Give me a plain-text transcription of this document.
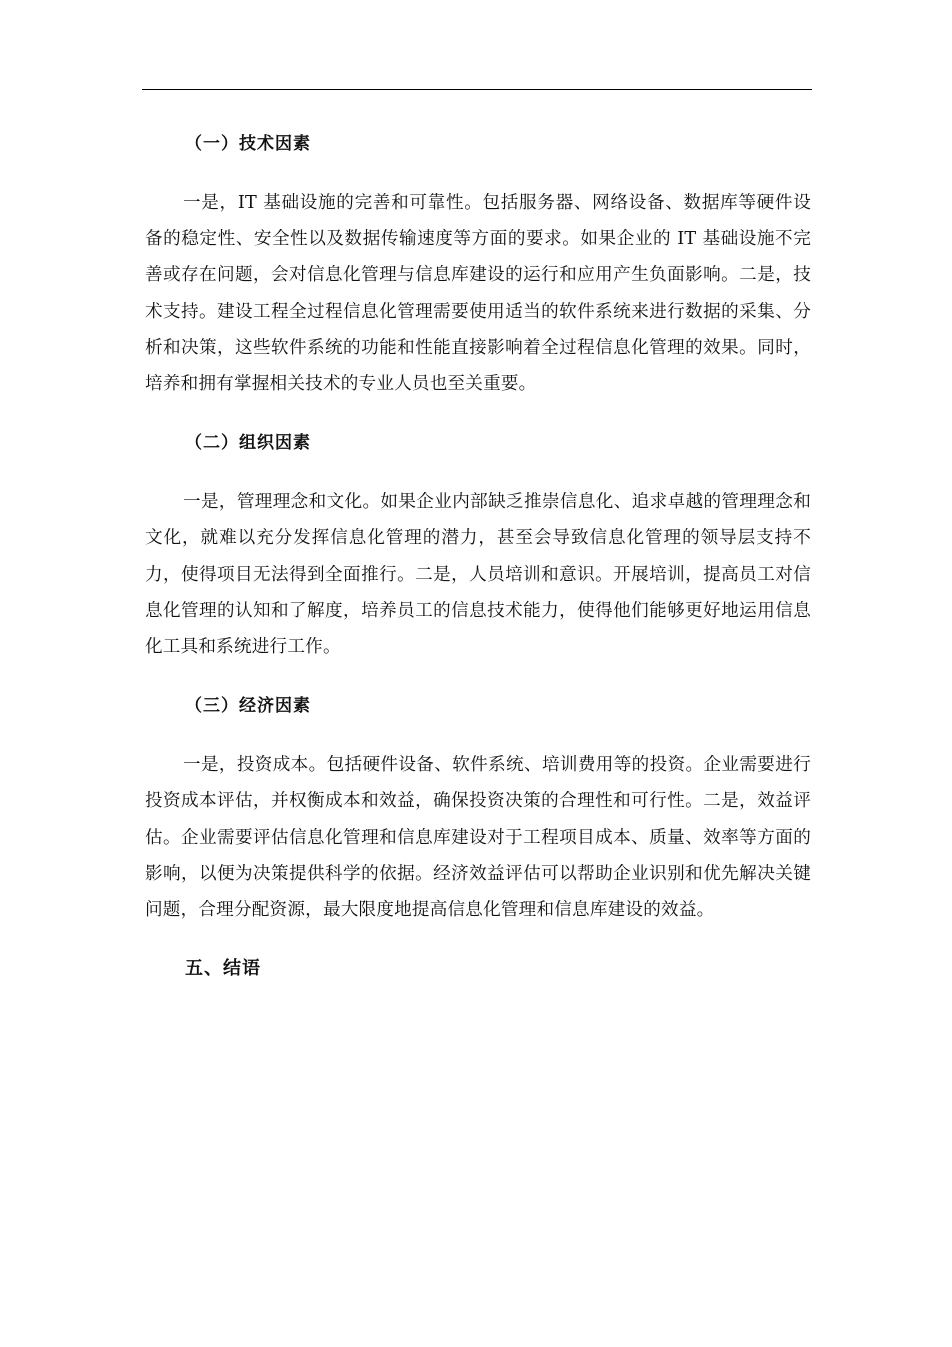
（一）技术因素

一是，IT 基础设施的完善和可靠性。包括服务器、网络设备、数据库等硬件设备的稳定性、安全性以及数据传输速度等方面的要求。如果企业的 IT 基础设施不完善或存在问题，会对信息化管理与信息库建设的运行和应用产生负面影响。二是，技术支持。建设工程全过程信息化管理需要使用适当的软件系统来进行数据的采集、分析和决策，这些软件系统的功能和性能直接影响着全过程信息化管理的效果。同时，培养和拥有掌握相关技术的专业人员也至关重要。

（二）组织因素

一是，管理理念和文化。如果企业内部缺乏推崇信息化、追求卓越的管理理念和文化，就难以充分发挥信息化管理的潜力，甚至会导致信息化管理的领导层支持不力，使得项目无法得到全面推行。二是，人员培训和意识。开展培训，提高员工对信息化管理的认知和了解度，培养员工的信息技术能力，使得他们能够更好地运用信息化工具和系统进行工作。

（三）经济因素

一是，投资成本。包括硬件设备、软件系统、培训费用等的投资。企业需要进行投资成本评估，并权衡成本和效益，确保投资决策的合理性和可行性。二是，效益评估。企业需要评估信息化管理和信息库建设对于工程项目成本、质量、效率等方面的影响，以便为决策提供科学的依据。经济效益评估可以帮助企业识别和优先解决关键问题，合理分配资源，最大限度地提高信息化管理和信息库建设的效益。

五、结语
